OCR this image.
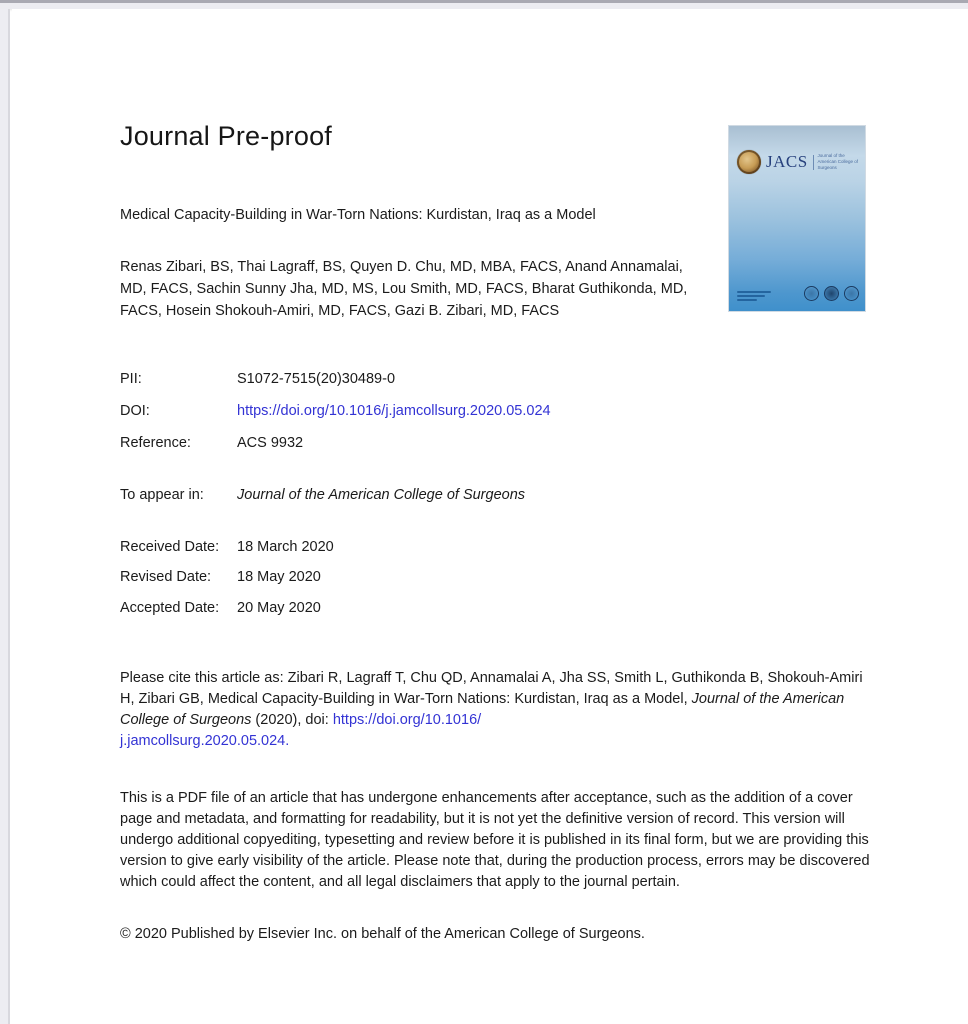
Journal Pre-proof
JACS Journal of the
American College of Surgeons

Medical Capacity-Building in War-Torn Nations: Kurdistan, Iraq as a Model

Renas Zibari, BS, Thai Lagraff, BS, Quyen D. Chu, MD, MBA, FACS, Anand Annamalai, MD, FACS, Sachin Sunny Jha, MD, MS, Lou Smith, MD, FACS, Bharat Guthikonda, MD, FACS, Hosein Shokouh-Amiri, MD, FACS, Gazi B. Zibari, MD, FACS

PII:	S1072-7515(20)30489-0
DOI:	https://doi.org/10.1016/j.jamcollsurg.2020.05.024
Reference:	ACS 9932
To appear in:	Journal of the American College of Surgeons
Received Date:	18 March 2020
Revised Date:	18 May 2020
Accepted Date:	20 May 2020

Please cite this article as: Zibari R, Lagraff T, Chu QD, Annamalai A, Jha SS, Smith L, Guthikonda B, Shokouh-Amiri H, Zibari GB, Medical Capacity-Building in War-Torn Nations: Kurdistan, Iraq as a Model, Journal of the American College of Surgeons (2020), doi: https://doi.org/10.1016/
j.jamcollsurg.2020.05.024.

This is a PDF file of an article that has undergone enhancements after acceptance, such as the addition of a cover page and metadata, and formatting for readability, but it is not yet the definitive version of record. This version will undergo additional copyediting, typesetting and review before it is published in its final form, but we are providing this version to give early visibility of the article. Please note that, during the production process, errors may be discovered which could affect the content, and all legal disclaimers that apply to the journal pertain.

© 2020 Published by Elsevier Inc. on behalf of the American College of Surgeons.
